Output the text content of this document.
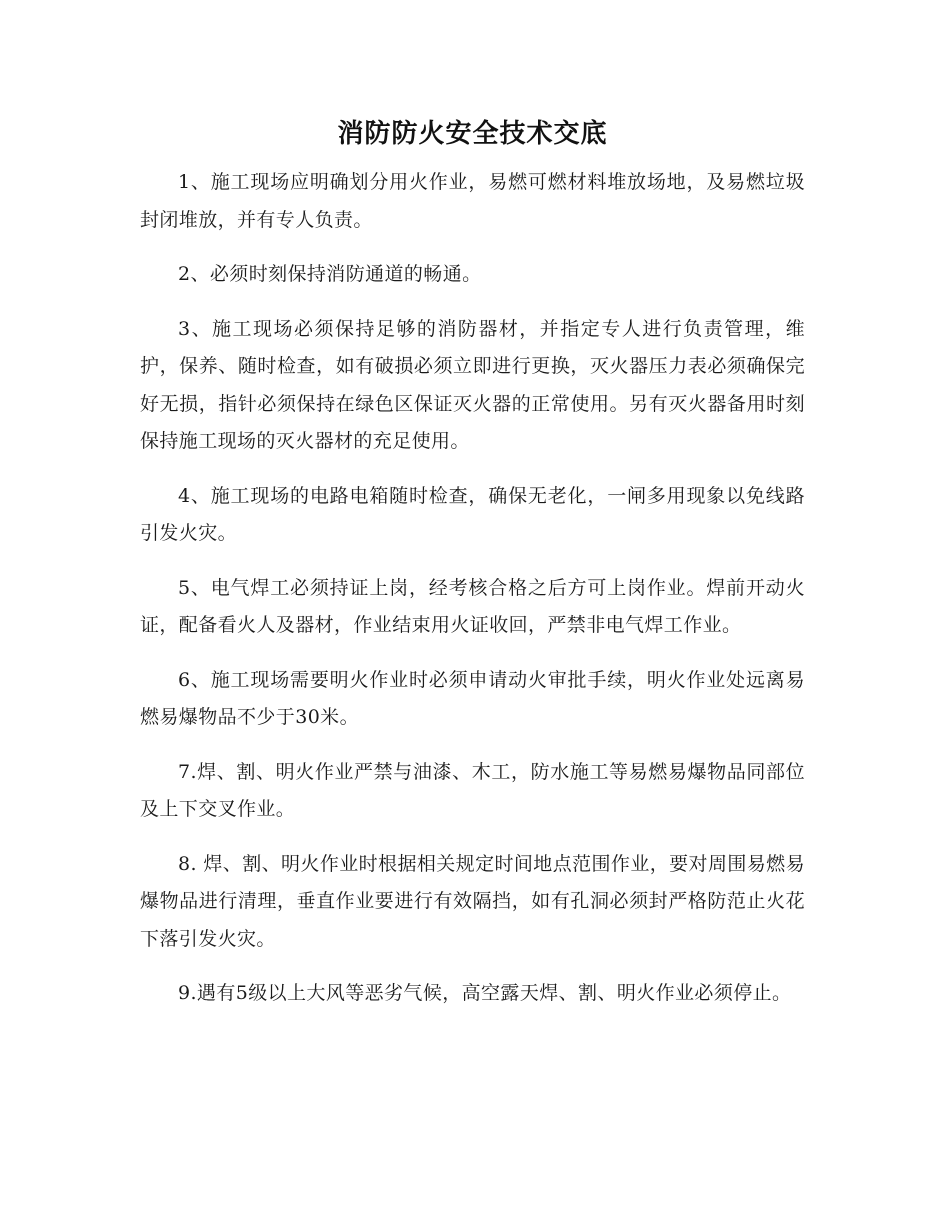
消防防火安全技术交底

1、施工现场应明确划分用火作业，易燃可燃材料堆放场地，及易燃垃圾封闭堆放，并有专人负责。

2、必须时刻保持消防通道的畅通。

3、施工现场必须保持足够的消防器材，并指定专人进行负责管理，维护，保养、随时检查，如有破损必须立即进行更换，灭火器压力表必须确保完好无损，指针必须保持在绿色区保证灭火器的正常使用。另有灭火器备用时刻保持施工现场的灭火器材的充足使用。

4、施工现场的电路电箱随时检查，确保无老化，一闸多用现象以免线路引发火灾。

5、电气焊工必须持证上岗，经考核合格之后方可上岗作业。焊前开动火证，配备看火人及器材，作业结束用火证收回，严禁非电气焊工作业。

6、施工现场需要明火作业时必须申请动火审批手续，明火作业处远离易燃易爆物品不少于30米。

7.焊、割、明火作业严禁与油漆、木工，防水施工等易燃易爆物品同部位及上下交叉作业。

8. 焊、割、明火作业时根据相关规定时间地点范围作业，要对周围易燃易爆物品进行清理，垂直作业要进行有效隔挡，如有孔洞必须封严格防范止火花下落引发火灾。

9.遇有5级以上大风等恶劣气候，高空露天焊、割、明火作业必须停止。
